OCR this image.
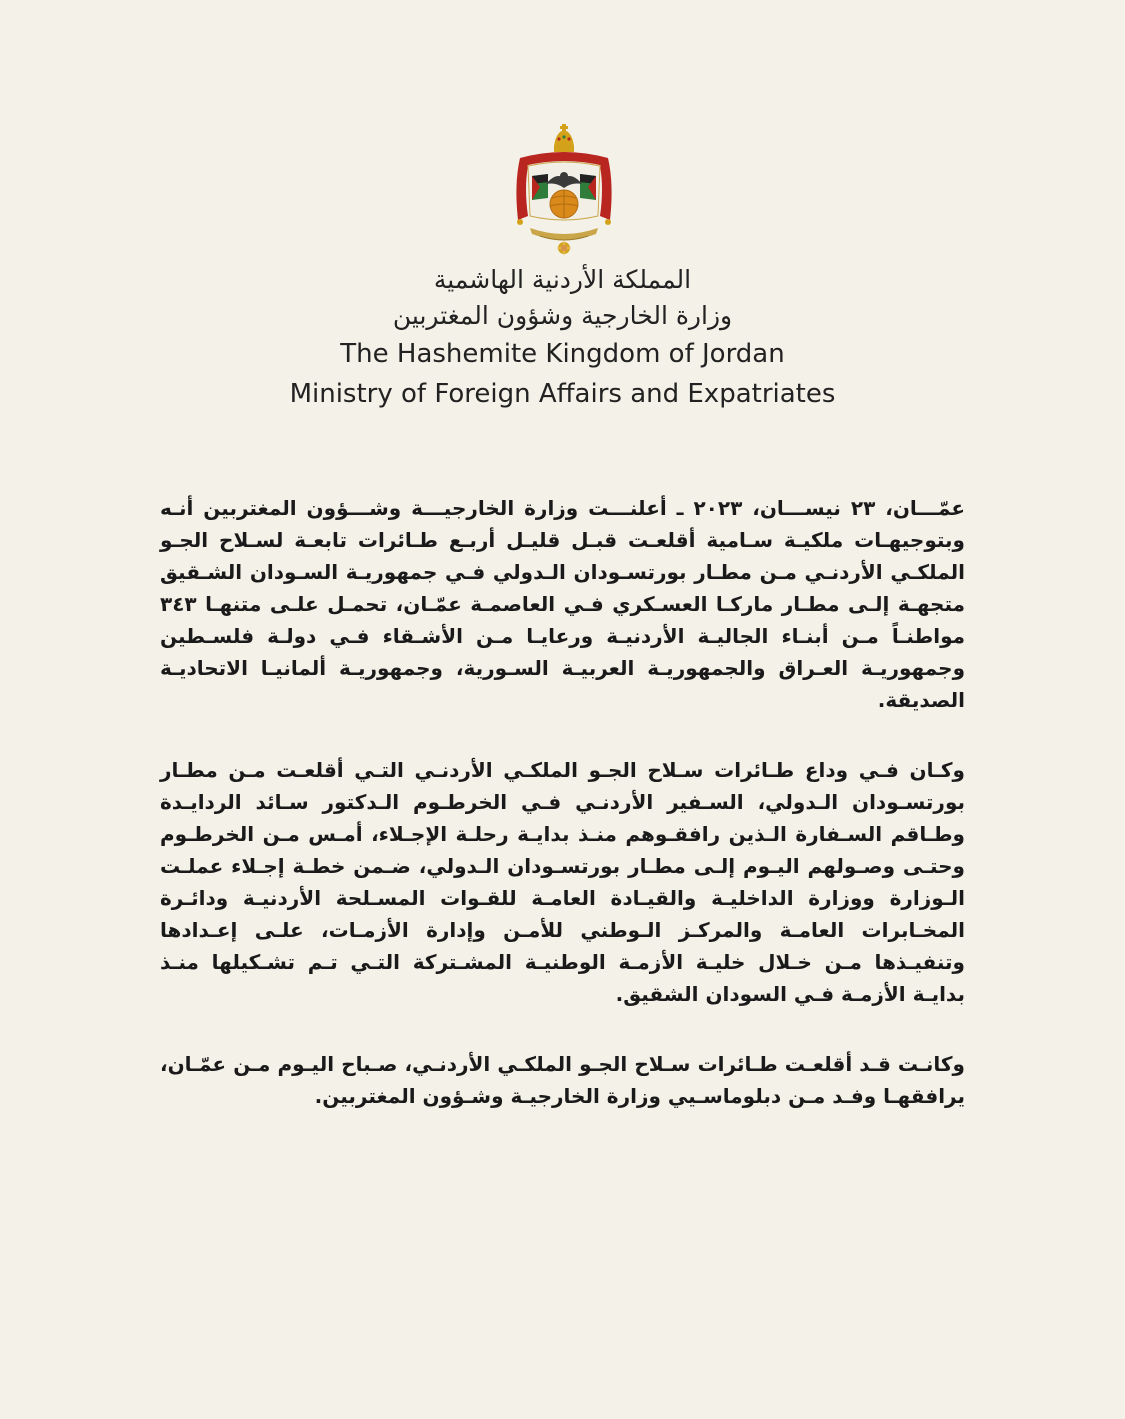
المملكة الأردنية الهاشمية
وزارة الخارجية وشؤون المغتربين
The Hashemite Kingdom of Jordan
Ministry of Foreign Affairs and Expatriates

عمّـــان، ٢٣ نيســـان، ٢٠٢٣ ـ أعلنـــت وزارة الخارجيـــة وشـــؤون المغتربين أنـه وبتوجيهـات ملكيـة سـامية أقلعـت قبـل قليـل أربـع طـائرات تابعـة لسـلاح الجـو الملكـي الأردنـي مـن مطـار بورتسـودان الـدولي فـي جمهوريـة السـودان الشـقيق متجهـة إلـى مطـار ماركـا العسـكري فـي العاصمـة عمّـان، تحمـل علـى متنهـا ٣٤٣ مواطنـاً مـن أبنـاء الجاليـة الأردنيـة ورعايـا مـن الأشـقاء فـي دولـة فلسـطين وجمهوريـة العـراق والجمهوريـة العربيـة السـورية، وجمهوريـة ألمانيـا الاتحاديـة الصديقة.

وكـان فـي وداع طـائرات سـلاح الجـو الملكـي الأردنـي التـي أقلعـت مـن مطـار بورتسـودان الـدولي، السـفير الأردنـي فـي الخرطـوم الـدكتور سـائد الردايـدة وطـاقم السـفارة الـذين رافقـوهم منـذ بدايـة رحلـة الإجـلاء، أمـس مـن الخرطـوم وحتـى وصـولهم اليـوم إلـى مطـار بورتسـودان الـدولي، ضـمن خطـة إجـلاء عملـت الـوزارة ووزارة الداخليـة والقيـادة العامـة للقـوات المسـلحة الأردنيـة ودائـرة المخـابرات العامـة والمركـز الـوطني للأمـن وإدارة الأزمـات، علـى إعـدادها وتنفيـذها مـن خـلال خليـة الأزمـة الوطنيـة المشـتركة التـي تـم تشـكيلها منـذ بدايـة الأزمـة فـي السودان الشقيق.

وكانـت قـد أقلعـت طـائرات سـلاح الجـو الملكـي الأردنـي، صـباح اليـوم مـن عمّـان، يرافقهـا وفـد مـن دبلوماسـيي وزارة الخارجيـة وشـؤون المغتربين.
